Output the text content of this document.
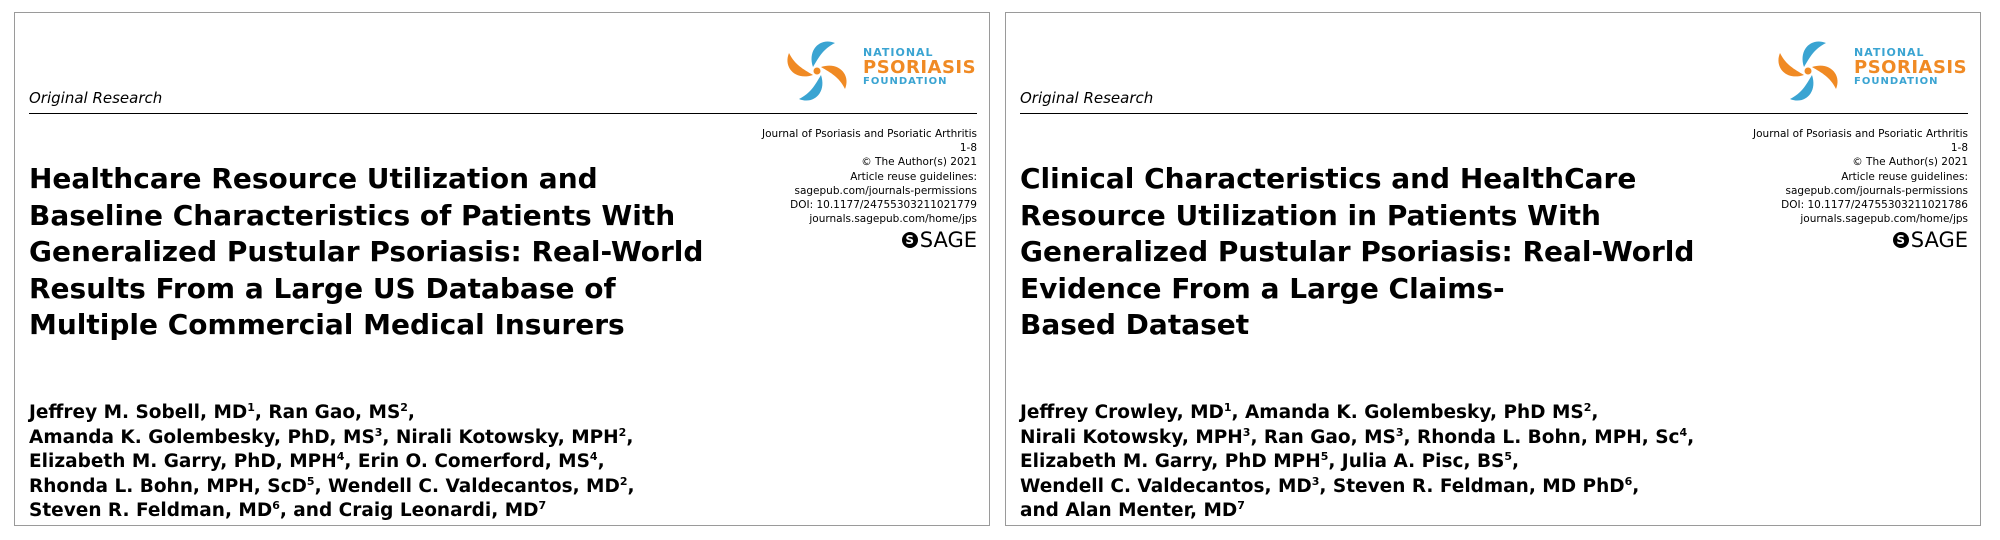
NATIONAL
PSORIASIS
FOUNDATION
Original Research
Journal of Psoriasis and Psoriatic Arthritis
1-8
© The Author(s) 2021
Article reuse guidelines:
sagepub.com/journals-permissions
DOI: 10.1177/24755303211021779
journals.sagepub.com/home/jps
S SAGE
Healthcare Resource Utilization and
Baseline Characteristics of Patients With
Generalized Pustular Psoriasis: Real-World
Results From a Large US Database of
Multiple Commercial Medical Insurers
Jeffrey M. Sobell, $MD^1$, Ran Gao, $MS^2$,
Amanda K. Golembesky, PhD, $MS^3$, Nirali Kotowsky, MPH$^2$,
Elizabeth M. Garry, PhD, MPH$^4$, Erin O. Comerford, $MS^4$,
Rhonda L. Bohn, MPH, ScD$^5$, Wendell C. Valdecantos, $MD^2$,
Steven R. Feldman, $MD^6$, and Craig Leonardi, $MD^7$
NATIONAL
PSORIASIS
FOUNDATION
Original Research
Journal of Psoriasis and Psoriatic Arthritis
1-8
© The Author(s) 2021
Article reuse guidelines:
sagepub.com/journals-permissions
DOI: 10.1177/24755303211021786
journals.sagepub.com/home/jps
S SAGE
Clinical Characteristics and HealthCare
Resource Utilization in Patients With
Generalized Pustular Psoriasis: Real-World
Evidence From a Large Claims-
Based Dataset
Jeffrey Crowley, $MD^1$, Amanda K. Golembesky, PhD $MS^2$,
Nirali Kotowsky, MPH$^3$, Ran Gao, $MS^3$, Rhonda L. Bohn, MPH, Sc$^4$,
Elizabeth M. Garry, PhD MPH$^5$, Julia A. Pisc, $BS^5$,
Wendell C. Valdecantos, $MD^3$, Steven R. Feldman, MD PhD$^6$,
and Alan Menter, $MD^7$
